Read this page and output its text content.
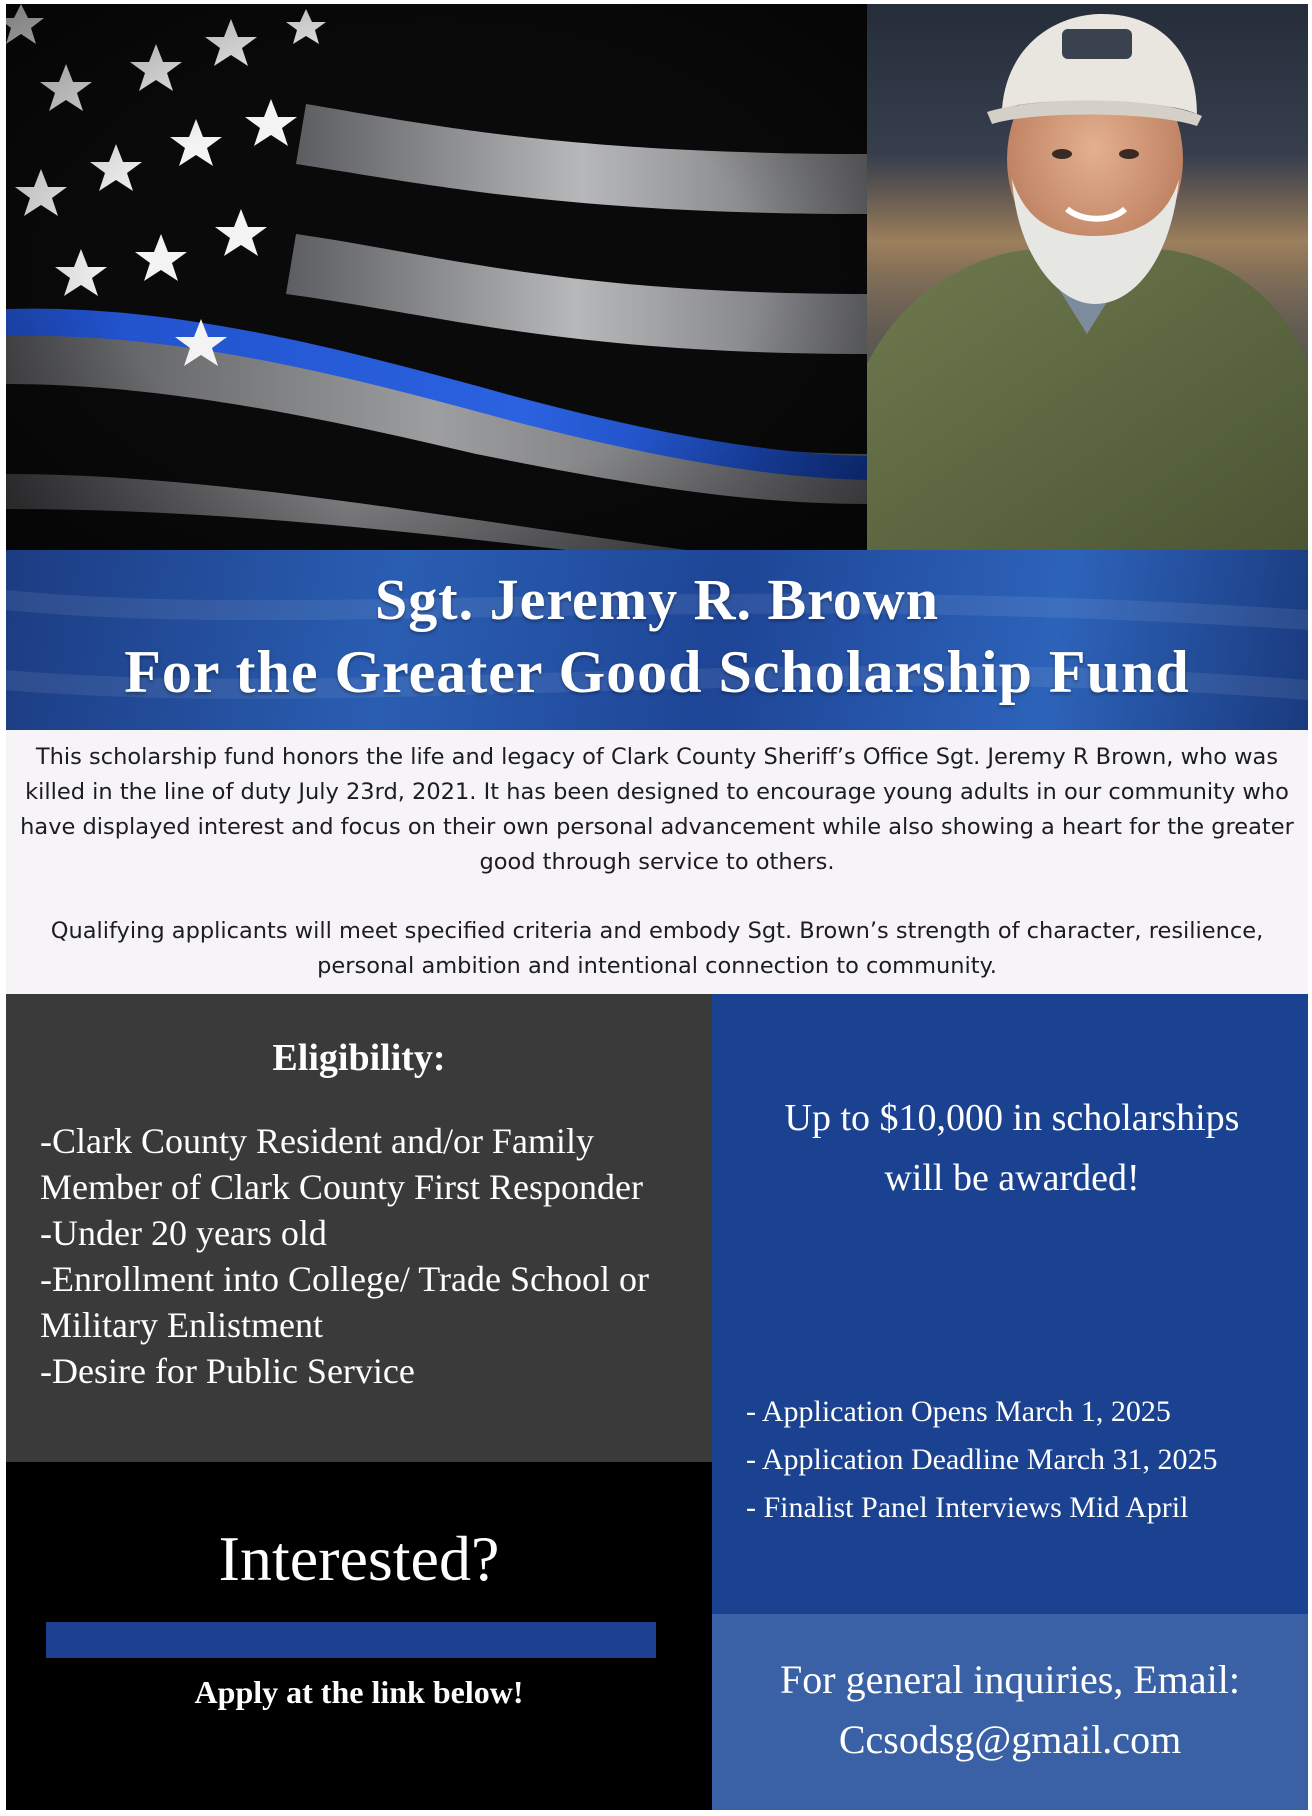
Sgt. Jeremy R. Brown
For the Greater Good Scholarship Fund

This scholarship fund honors the life and legacy of Clark County Sheriff’s Office Sgt. Jeremy R Brown, who was killed in the line of duty July 23rd, 2021. It has been designed to encourage young adults in our community who have displayed interest and focus on their own personal advancement while also showing a heart for the greater good through service to others.

Qualifying applicants will meet specified criteria and embody Sgt. Brown’s strength of character, resilience, personal ambition and intentional connection to community.

Eligibility:
-Clark County Resident and/or Family Member of Clark County First Responder
-Under 20 years old
-Enrollment into College/ Trade School or Military Enlistment
-Desire for Public Service
Interested?
Apply at the link below!
Up to $10,000 in scholarships will be awarded!
- Application Opens March 1, 2025
- Application Deadline March 31, 2025
- Finalist Panel Interviews Mid April
For general inquiries, Email:
Ccsodsg@gmail.com
